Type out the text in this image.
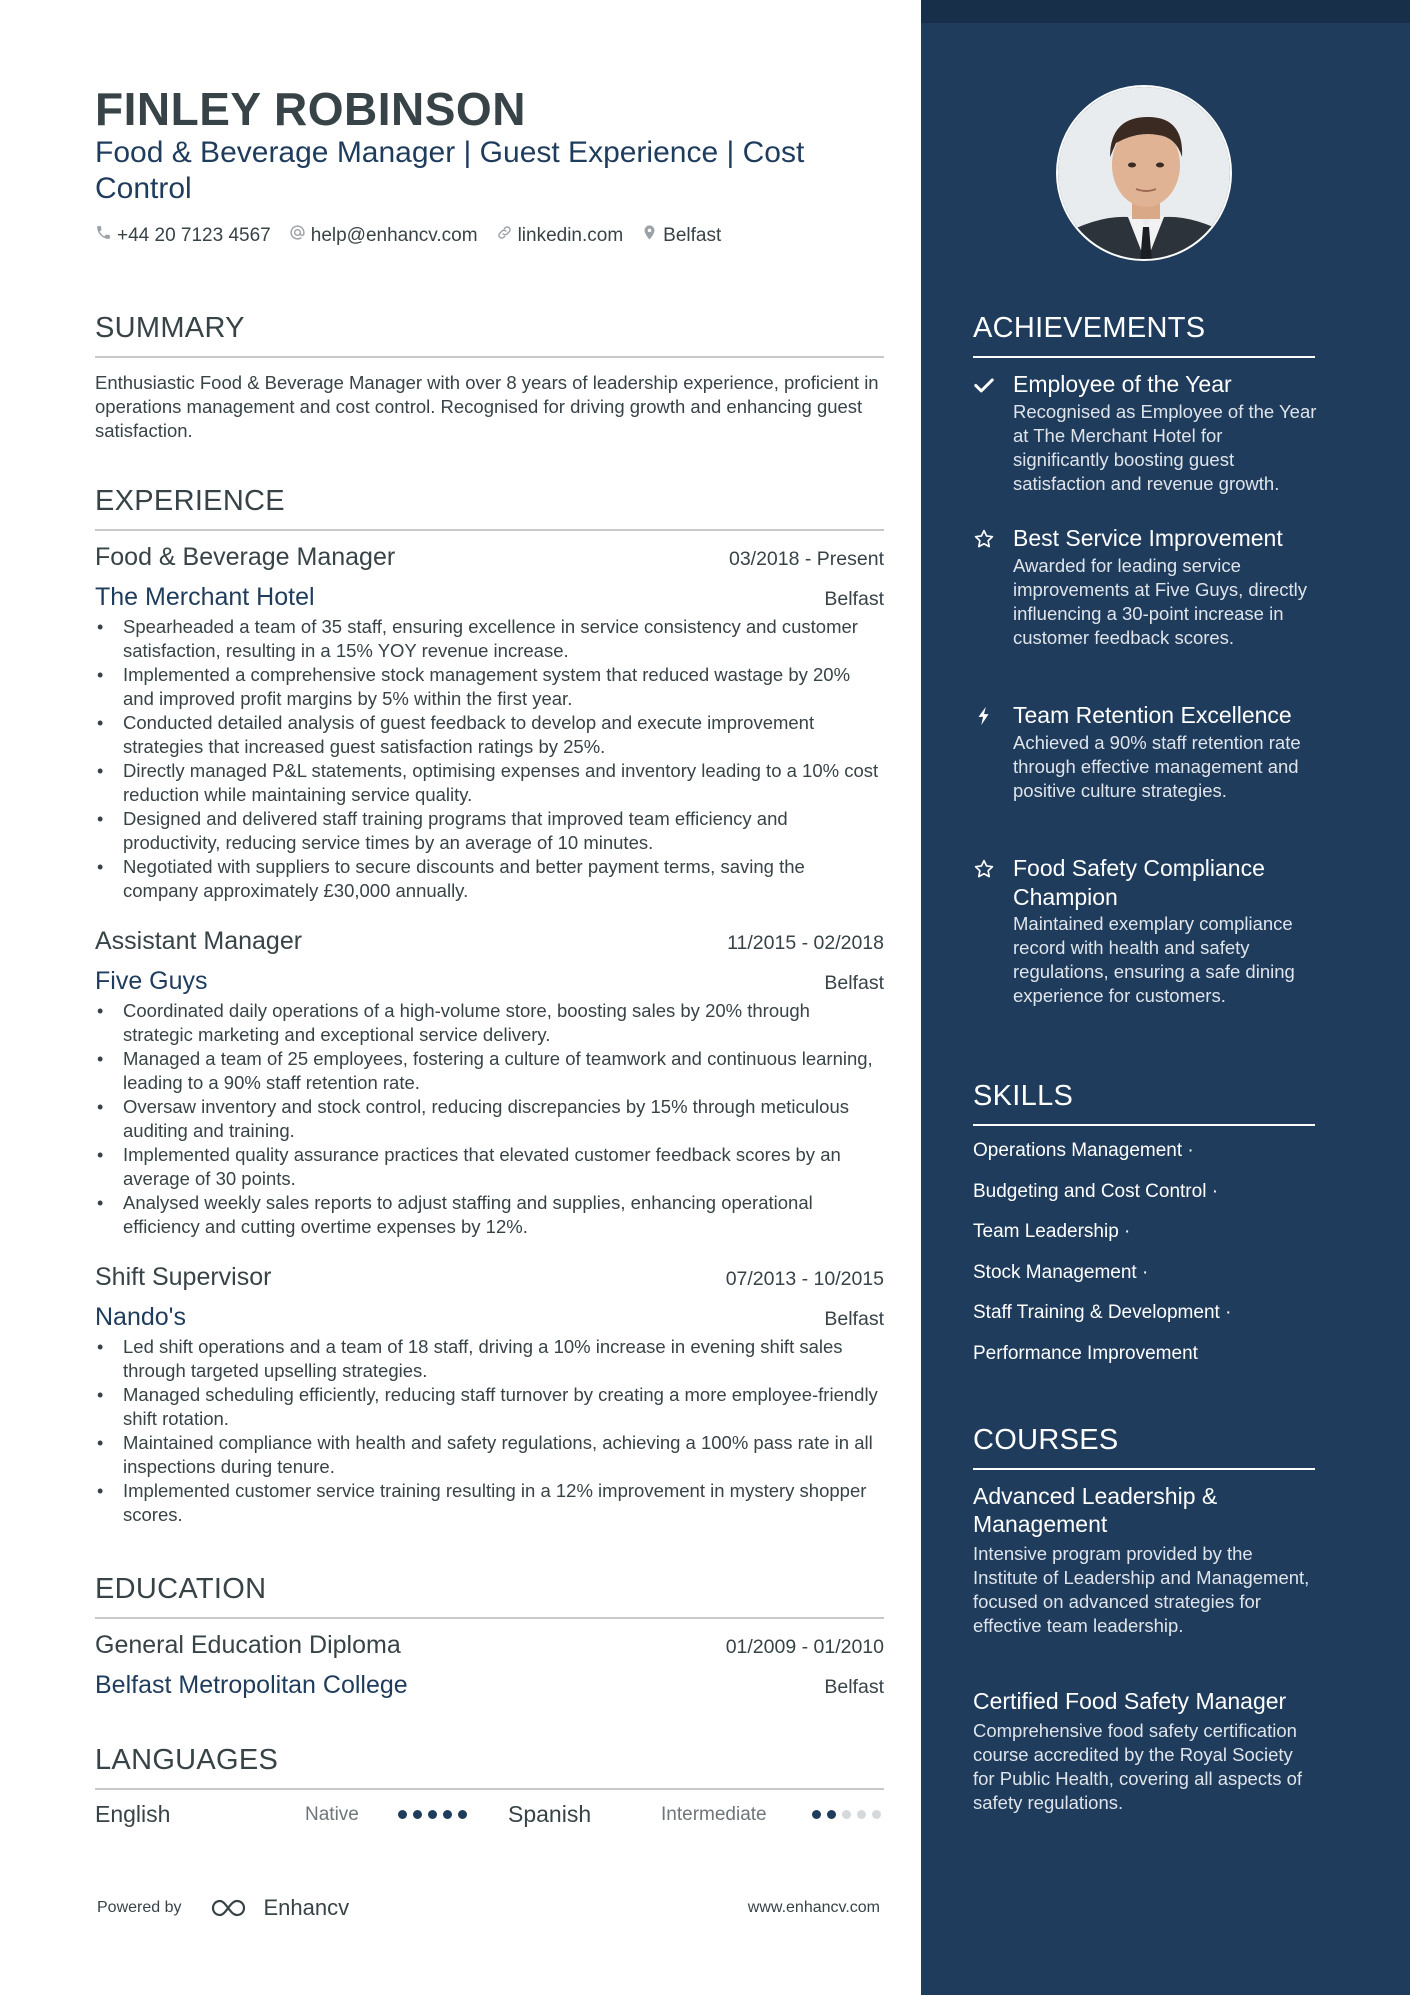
FINLEY ROBINSON
Food & Beverage Manager | Guest Experience | Cost Control
+44 20 7123 4567 help@enhancv.com linkedin.com Belfast
SUMMARY
Enthusiastic Food & Beverage Manager with over 8 years of leadership experience, proficient in operations management and cost control. Recognised for driving growth and enhancing guest satisfaction.
EXPERIENCE
Food & Beverage Manager	03/2018 - Present
The Merchant Hotel	Belfast
• Spearheaded a team of 35 staff, ensuring excellence in service consistency and customer satisfaction, resulting in a 15% YOY revenue increase.
• Implemented a comprehensive stock management system that reduced wastage by 20% and improved profit margins by 5% within the first year.
• Conducted detailed analysis of guest feedback to develop and execute improvement strategies that increased guest satisfaction ratings by 25%.
• Directly managed P&L statements, optimising expenses and inventory leading to a 10% cost reduction while maintaining service quality.
• Designed and delivered staff training programs that improved team efficiency and productivity, reducing service times by an average of 10 minutes.
• Negotiated with suppliers to secure discounts and better payment terms, saving the company approximately £30,000 annually.
Assistant Manager	11/2015 - 02/2018
Five Guys	Belfast
• Coordinated daily operations of a high-volume store, boosting sales by 20% through strategic marketing and exceptional service delivery.
• Managed a team of 25 employees, fostering a culture of teamwork and continuous learning, leading to a 90% staff retention rate.
• Oversaw inventory and stock control, reducing discrepancies by 15% through meticulous auditing and training.
• Implemented quality assurance practices that elevated customer feedback scores by an average of 30 points.
• Analysed weekly sales reports to adjust staffing and supplies, enhancing operational efficiency and cutting overtime expenses by 12%.
Shift Supervisor	07/2013 - 10/2015
Nando's	Belfast
• Led shift operations and a team of 18 staff, driving a 10% increase in evening shift sales through targeted upselling strategies.
• Managed scheduling efficiently, reducing staff turnover by creating a more employee-friendly shift rotation.
• Maintained compliance with health and safety regulations, achieving a 100% pass rate in all inspections during tenure.
• Implemented customer service training resulting in a 12% improvement in mystery shopper scores.
EDUCATION
General Education Diploma	01/2009 - 01/2010
Belfast Metropolitan College	Belfast
LANGUAGES
English	Native	Spanish	Intermediate
Powered by	Enhancv	www.enhancv.com
ACHIEVEMENTS
Employee of the Year
Recognised as Employee of the Year at The Merchant Hotel for significantly boosting guest satisfaction and revenue growth.
Best Service Improvement
Awarded for leading service improvements at Five Guys, directly influencing a 30-point increase in customer feedback scores.
Team Retention Excellence
Achieved a 90% staff retention rate through effective management and positive culture strategies.
Food Safety Compliance Champion
Maintained exemplary compliance record with health and safety regulations, ensuring a safe dining experience for customers.
SKILLS
Operations Management ·
Budgeting and Cost Control ·
Team Leadership ·
Stock Management ·
Staff Training & Development ·
Performance Improvement
COURSES
Advanced Leadership & Management
Intensive program provided by the Institute of Leadership and Management, focused on advanced strategies for effective team leadership.
Certified Food Safety Manager
Comprehensive food safety certification course accredited by the Royal Society for Public Health, covering all aspects of safety regulations.
